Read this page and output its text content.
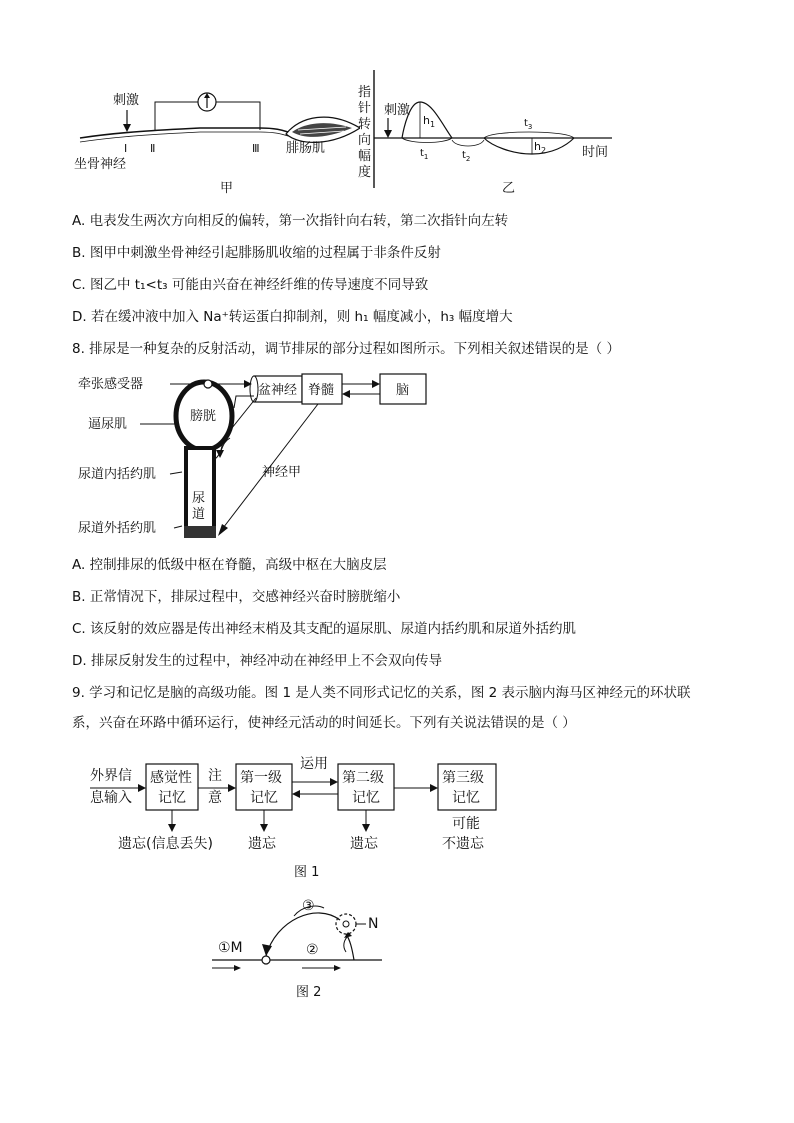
刺激
Ⅰ Ⅱ	Ⅲ
坐骨神经
腓肠肌
甲
指
针
转
向
幅
度
刺激
$h_1$
$t_1$	$t_2$
$h_2$
$t_3$
时间
乙
A. 电表发生两次方向相反的偏转，第一次指针向右转，第二次指针向左转
B. 图甲中刺激坐骨神经引起腓肠肌收缩的过程属于非条件反射
C. 图乙中 t₁<t₃ 可能由兴奋在神经纤维的传导速度不同导致
D. 若在缓冲液中加入 Na⁺转运蛋白抑制剂，则 h₁ 幅度减小，h₃ 幅度增大
8. 排尿是一种复杂的反射活动，调节排尿的部分过程如图所示。下列相关叙述错误的是（ ）
牵张感受器
逼尿肌
尿道内括约肌
尿道外括约肌
膀胱
尿
道
盆神经 脊髓	脑
神经甲
A. 控制排尿的低级中枢在脊髓，高级中枢在大脑皮层
B. 正常情况下，排尿过程中，交感神经兴奋时膀胱缩小
C. 该反射的效应器是传出神经末梢及其支配的逼尿肌、尿道内括约肌和尿道外括约肌
D. 排尿反射发生的过程中，神经冲动在神经甲上不会双向传导
9. 学习和记忆是脑的高级功能。图 1 是人类不同形式记忆的关系，图 2 表示脑内海马区神经元的环状联
系，兴奋在环路中循环运行，使神经元活动的时间延长。下列有关说法错误的是（ ）
外界信
息输入
感觉性
记忆
注
意
第一级
记忆
运用
第二级
记忆
第三级
记忆
遗忘(信息丢失)	遗忘	遗忘
可能
不遗忘
图 1
①M
③
N
②
图 2
